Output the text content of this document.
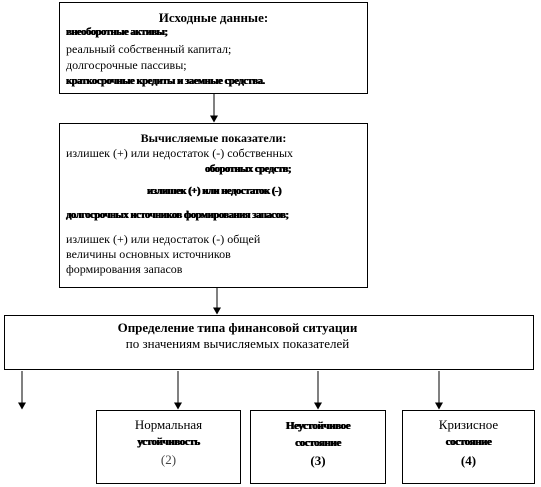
Исходные данные:
внеоборотные активы;
реальный собственный капитал;
долгосрочные пассивы;
краткосрочные кредиты и заемные средства.
Вычисляемые показатели:
излишек (+) или недостаток (-) собственных
оборотных средств;
излишек (+) или недостаток (-)
долгосрочных источников формирования запасов;
излишек (+) или недостаток (-) общей
величины основных источников
формирования запасов
Определение типа финансовой ситуации
по значениям вычисляемых показателей
Нормальная
устойчивость
(2)
Неустойчивое
состояние
(3)
Кризисное
состояние
(4)
